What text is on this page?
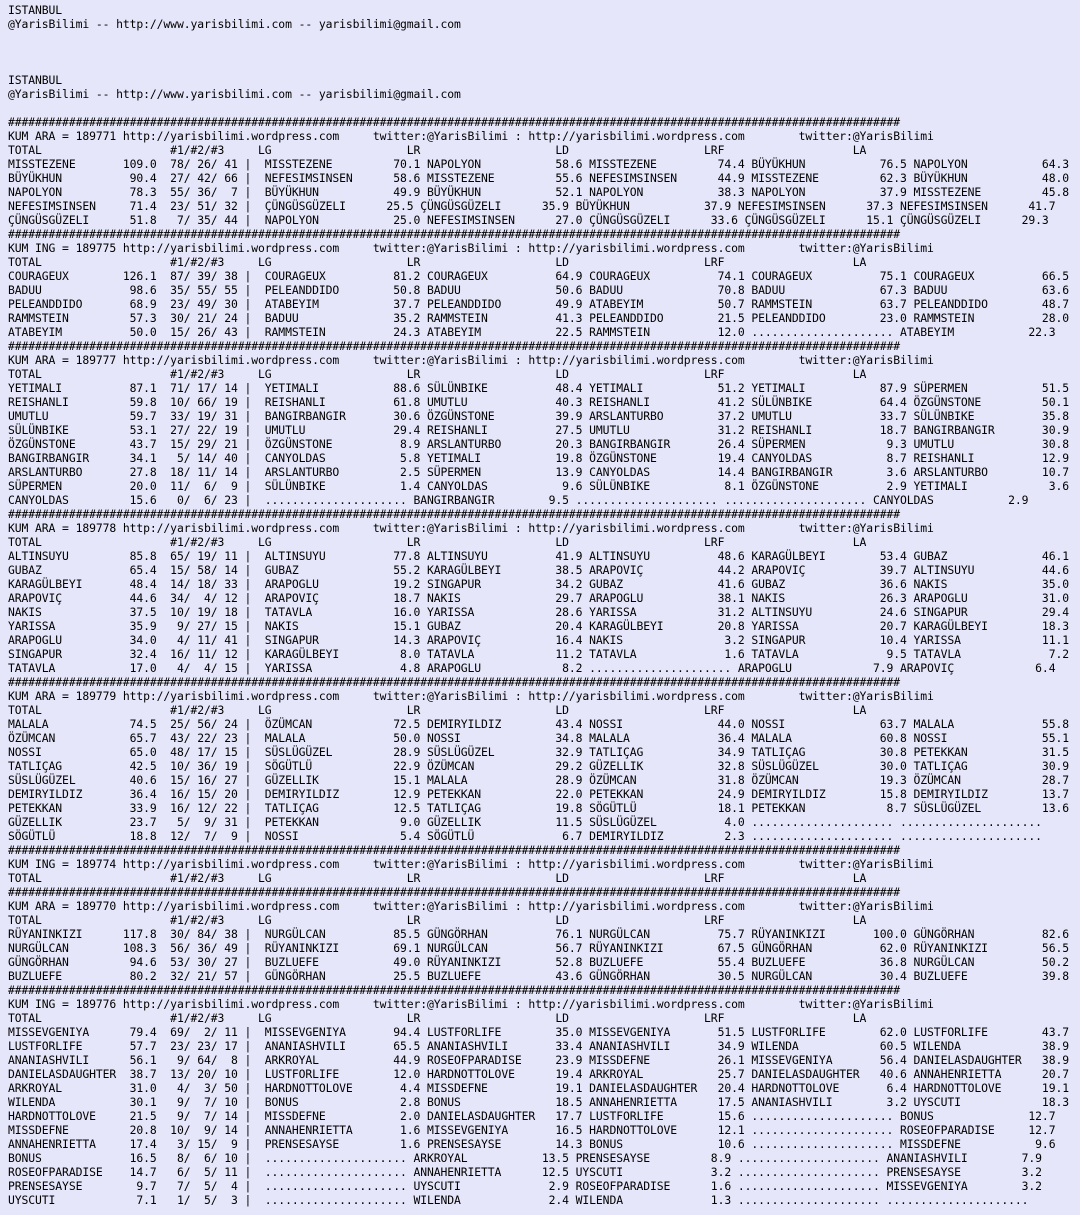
ISTANBUL
@YarisBilimi -- http://www.yarisbilimi.com -- yarisbilimi@gmail.com

ISTANBUL
@YarisBilimi -- http://www.yarisbilimi.com -- yarisbilimi@gmail.com

####################################################################################################################################
KUM ARA = 189771 http://yarisbilimi.wordpress.com     twitter:@YarisBilimi : http://yarisbilimi.wordpress.com        twitter:@YarisBilimi
TOTAL                   #1/#2/#3     LG                    LR                    LD                    LRF                   LA
MISSTEZENE       109.0  78/ 26/ 41 |  MISSTEZENE         70.1 NAPOLYON           58.6 MISSTEZENE         74.4 BÜYÜKHUN           76.5 NAPOLYON           64.3
BÜYÜKHUN          90.4  27/ 42/ 66 |  NEFESIMSINSEN      58.6 MISSTEZENE         55.6 NEFESIMSINSEN      44.9 MISSTEZENE         62.3 BÜYÜKHUN           48.0
NAPOLYON          78.3  55/ 36/  7 |  BÜYÜKHUN           49.9 BÜYÜKHUN           52.1 NAPOLYON           38.3 NAPOLYON           37.9 MISSTEZENE         45.8
NEFESIMSINSEN     71.4  23/ 51/ 32 |  ÇÜNGÜSGÜZELI      25.5 ÇÜNGÜSGÜZELI      35.9 BÜYÜKHUN           37.9 NEFESIMSINSEN      37.3 NEFESIMSINSEN      41.7
ÇÜNGÜSGÜZELI      51.8   7/ 35/ 44 |  NAPOLYON           25.0 NEFESIMSINSEN      27.0 ÇÜNGÜSGÜZELI      33.6 ÇÜNGÜSGÜZELI      15.1 ÇÜNGÜSGÜZELI      29.3
####################################################################################################################################
KUM ING = 189775 http://yarisbilimi.wordpress.com     twitter:@YarisBilimi : http://yarisbilimi.wordpress.com        twitter:@YarisBilimi
TOTAL                   #1/#2/#3     LG                    LR                    LD                    LRF                   LA
COURAGEUX        126.1  87/ 39/ 38 |  COURAGEUX          81.2 COURAGEUX          64.9 COURAGEUX          74.1 COURAGEUX          75.1 COURAGEUX          66.5
BADUU             98.6  35/ 55/ 55 |  PELEANDDIDO        50.8 BADUU              50.6 BADUU              70.8 BADUU              67.3 BADUU              63.6
PELEANDDIDO       68.9  23/ 49/ 30 |  ATABEYIM           37.7 PELEANDDIDO        49.9 ATABEYIM           50.7 RAMMSTEIN          63.7 PELEANDDIDO        48.7
RAMMSTEIN         57.3  30/ 21/ 24 |  BADUU              35.2 RAMMSTEIN          41.3 PELEANDDIDO        21.5 PELEANDDIDO        23.0 RAMMSTEIN          28.0
ATABEYIM          50.0  15/ 26/ 43 |  RAMMSTEIN          24.3 ATABEYIM           22.5 RAMMSTEIN          12.0 ..................... ATABEYIM           22.3
####################################################################################################################################
KUM ARA = 189777 http://yarisbilimi.wordpress.com     twitter:@YarisBilimi : http://yarisbilimi.wordpress.com        twitter:@YarisBilimi
TOTAL                   #1/#2/#3     LG                    LR                    LD                    LRF                   LA
YETIMALI          87.1  71/ 17/ 14 |  YETIMALI           88.6 SÜLÜNBIKE          48.4 YETIMALI           51.2 YETIMALI           87.9 SÜPERMEN           51.5
REISHANLI         59.8  10/ 66/ 19 |  REISHANLI          61.8 UMUTLU             40.3 REISHANLI          41.2 SÜLÜNBIKE          64.4 ÖZGÜNSTONE         50.1
UMUTLU            59.7  33/ 19/ 31 |  BANGIRBANGIR       30.6 ÖZGÜNSTONE         39.9 ARSLANTURBO        37.2 UMUTLU             33.7 SÜLÜNBIKE          35.8
SÜLÜNBIKE         53.1  27/ 22/ 19 |  UMUTLU             29.4 REISHANLI          27.5 UMUTLU             31.2 REISHANLI          18.7 BANGIRBANGIR       30.9
ÖZGÜNSTONE        43.7  15/ 29/ 21 |  ÖZGÜNSTONE          8.9 ARSLANTURBO        20.3 BANGIRBANGIR       26.4 SÜPERMEN            9.3 UMUTLU             30.8
BANGIRBANGIR      34.1   5/ 14/ 40 |  CANYOLDAS           5.8 YETIMALI           19.8 ÖZGÜNSTONE         19.4 CANYOLDAS           8.7 REISHANLI          12.9
ARSLANTURBO       27.8  18/ 11/ 14 |  ARSLANTURBO         2.5 SÜPERMEN           13.9 CANYOLDAS          14.4 BANGIRBANGIR        3.6 ARSLANTURBO        10.7
SÜPERMEN          20.0  11/  6/  9 |  SÜLÜNBIKE           1.4 CANYOLDAS           9.6 SÜLÜNBIKE           8.1 ÖZGÜNSTONE          2.9 YETIMALI            3.6
CANYOLDAS         15.6   0/  6/ 23 |  ..................... BANGIRBANGIR        9.5 ..................... ..................... CANYOLDAS           2.9
####################################################################################################################################
KUM ARA = 189778 http://yarisbilimi.wordpress.com     twitter:@YarisBilimi : http://yarisbilimi.wordpress.com        twitter:@YarisBilimi
TOTAL                   #1/#2/#3     LG                    LR                    LD                    LRF                   LA
ALTINSUYU         85.8  65/ 19/ 11 |  ALTINSUYU          77.8 ALTINSUYU          41.9 ALTINSUYU          48.6 KARAGÜLBEYI        53.4 GUBAZ              46.1
GUBAZ             65.4  15/ 58/ 14 |  GUBAZ              55.2 KARAGÜLBEYI        38.5 ARAPOVIÇ           44.2 ARAPOVIÇ           39.7 ALTINSUYU          44.6
KARAGÜLBEYI       48.4  14/ 18/ 33 |  ARAPOGLU           19.2 SINGAPUR           34.2 GUBAZ              41.6 GUBAZ              36.6 NAKIS              35.0
ARAPOVIÇ          44.6  34/  4/ 12 |  ARAPOVIÇ           18.7 NAKIS              29.7 ARAPOGLU           38.1 NAKIS              26.3 ARAPOGLU           31.0
NAKIS             37.5  10/ 19/ 18 |  TATAVLA            16.0 YARISSA            28.6 YARISSA            31.2 ALTINSUYU          24.6 SINGAPUR           29.4
YARISSA           35.9   9/ 27/ 15 |  NAKIS              15.1 GUBAZ              20.4 KARAGÜLBEYI        20.8 YARISSA            20.7 KARAGÜLBEYI        18.3
ARAPOGLU          34.0   4/ 11/ 41 |  SINGAPUR           14.3 ARAPOVIÇ           16.4 NAKIS               3.2 SINGAPUR           10.4 YARISSA            11.1
SINGAPUR          32.4  16/ 11/ 12 |  KARAGÜLBEYI         8.0 TATAVLA            11.2 TATAVLA             1.6 TATAVLA             9.5 TATAVLA             7.2
TATAVLA           17.0   4/  4/ 15 |  YARISSA             4.8 ARAPOGLU            8.2 ..................... ARAPOGLU            7.9 ARAPOVIÇ            6.4
####################################################################################################################################
KUM ARA = 189779 http://yarisbilimi.wordpress.com     twitter:@YarisBilimi : http://yarisbilimi.wordpress.com        twitter:@YarisBilimi
TOTAL                   #1/#2/#3     LG                    LR                    LD                    LRF                   LA
MALALA            74.5  25/ 56/ 24 |  ÖZÜMCAN            72.5 DEMIRYILDIZ        43.4 NOSSI              44.0 NOSSI              63.7 MALALA             55.8
ÖZÜMCAN           65.7  43/ 22/ 23 |  MALALA             50.0 NOSSI              34.8 MALALA             36.4 MALALA             60.8 NOSSI              55.1
NOSSI             65.0  48/ 17/ 15 |  SÜSLÜGÜZEL         28.9 SÜSLÜGÜZEL         32.9 TATLIÇAG           34.9 TATLIÇAG           30.8 PETEKKAN           31.5
TATLIÇAG          42.5  10/ 36/ 19 |  SÖGÜTLÜ            22.9 ÖZÜMCAN            29.2 GÜZELLIK           32.8 SÜSLÜGÜZEL         30.0 TATLIÇAG           30.9
SÜSLÜGÜZEL        40.6  15/ 16/ 27 |  GÜZELLIK           15.1 MALALA             28.9 ÖZÜMCAN            31.8 ÖZÜMCAN            19.3 ÖZÜMCAN            28.7
DEMIRYILDIZ       36.4  16/ 15/ 20 |  DEMIRYILDIZ        12.9 PETEKKAN           22.0 PETEKKAN           24.9 DEMIRYILDIZ        15.8 DEMIRYILDIZ        13.7
PETEKKAN          33.9  16/ 12/ 22 |  TATLIÇAG           12.5 TATLIÇAG           19.8 SÖGÜTLÜ            18.1 PETEKKAN            8.7 SÜSLÜGÜZEL         13.6
GÜZELLIK          23.7   5/  9/ 31 |  PETEKKAN            9.0 GÜZELLIK           11.5 SÜSLÜGÜZEL          4.0 ..................... .....................
SÖGÜTLÜ           18.8  12/  7/  9 |  NOSSI               5.4 SÖGÜTLÜ             6.7 DEMIRYILDIZ         2.3 ..................... .....................
####################################################################################################################################
KUM ING = 189774 http://yarisbilimi.wordpress.com     twitter:@YarisBilimi : http://yarisbilimi.wordpress.com        twitter:@YarisBilimi
TOTAL                   #1/#2/#3     LG                    LR                    LD                    LRF                   LA
####################################################################################################################################
KUM ARA = 189770 http://yarisbilimi.wordpress.com     twitter:@YarisBilimi : http://yarisbilimi.wordpress.com        twitter:@YarisBilimi
TOTAL                   #1/#2/#3     LG                    LR                    LD                    LRF                   LA
RÜYANINKIZI      117.8  30/ 84/ 38 |  NURGÜLCAN          85.5 GÜNGÖRHAN          76.1 NURGÜLCAN          75.7 RÜYANINKIZI       100.0 GÜNGÖRHAN          82.6
NURGÜLCAN        108.3  56/ 36/ 49 |  RÜYANINKIZI        69.1 NURGÜLCAN          56.7 RÜYANINKIZI        67.5 GÜNGÖRHAN          62.0 RÜYANINKIZI        56.5
GÜNGÖRHAN         94.6  53/ 30/ 27 |  BUZLUEFE           49.0 RÜYANINKIZI        52.8 BUZLUEFE           55.4 BUZLUEFE           36.8 NURGÜLCAN          50.2
BUZLUEFE          80.2  32/ 21/ 57 |  GÜNGÖRHAN          25.5 BUZLUEFE           43.6 GÜNGÖRHAN          30.5 NURGÜLCAN          30.4 BUZLUEFE           39.8
####################################################################################################################################
KUM ING = 189776 http://yarisbilimi.wordpress.com     twitter:@YarisBilimi : http://yarisbilimi.wordpress.com        twitter:@YarisBilimi
TOTAL                   #1/#2/#3     LG                    LR                    LD                    LRF                   LA
MISSEVGENIYA      79.4  69/  2/ 11 |  MISSEVGENIYA       94.4 LUSTFORLIFE        35.0 MISSEVGENIYA       51.5 LUSTFORLIFE        62.0 LUSTFORLIFE        43.7
LUSTFORLIFE       57.7  23/ 23/ 17 |  ANANIASHVILI       65.5 ANANIASHVILI       33.4 ANANIASHVILI       34.9 WILENDA            60.5 WILENDA            38.9
ANANIASHVILI      56.1   9/ 64/  8 |  ARKROYAL           44.9 ROSEOFPARADISE     23.9 MISSDEFNE          26.1 MISSEVGENIYA       56.4 DANIELASDAUGHTER   38.9
DANIELASDAUGHTER  38.7  13/ 20/ 10 |  LUSTFORLIFE        12.0 HARDNOTTOLOVE      19.4 ARKROYAL           25.7 DANIELASDAUGHTER   40.6 ANNAHENRIETTA      20.7
ARKROYAL          31.0   4/  3/ 50 |  HARDNOTTOLOVE       4.4 MISSDEFNE          19.1 DANIELASDAUGHTER   20.4 HARDNOTTOLOVE       6.4 HARDNOTTOLOVE      19.1
WILENDA           30.1   9/  7/ 10 |  BONUS               2.8 BONUS              18.5 ANNAHENRIETTA      17.5 ANANIASHVILI        3.2 UYSCUTI            18.3
HARDNOTTOLOVE     21.5   9/  7/ 14 |  MISSDEFNE           2.0 DANIELASDAUGHTER   17.7 LUSTFORLIFE        15.6 ..................... BONUS              12.7
MISSDEFNE         20.8  10/  9/ 14 |  ANNAHENRIETTA       1.6 MISSEVGENIYA       16.5 HARDNOTTOLOVE      12.1 ..................... ROSEOFPARADISE     12.7
ANNAHENRIETTA     17.4   3/ 15/  9 |  PRENSESAYSE         1.6 PRENSESAYSE        14.3 BONUS              10.6 ..................... MISSDEFNE           9.6
BONUS             16.5   8/  6/ 10 |  ..................... ARKROYAL           13.5 PRENSESAYSE         8.9 ..................... ANANIASHVILI        7.9
ROSEOFPARADISE    14.7   6/  5/ 11 |  ..................... ANNAHENRIETTA      12.5 UYSCUTI             3.2 ..................... PRENSESAYSE         3.2
PRENSESAYSE        9.7   7/  5/  4 |  ..................... UYSCUTI             2.9 ROSEOFPARADISE      1.6 ..................... MISSEVGENIYA        3.2
UYSCUTI            7.1   1/  5/  3 |  ..................... WILENDA             2.4 WILENDA             1.3 ..................... .....................
